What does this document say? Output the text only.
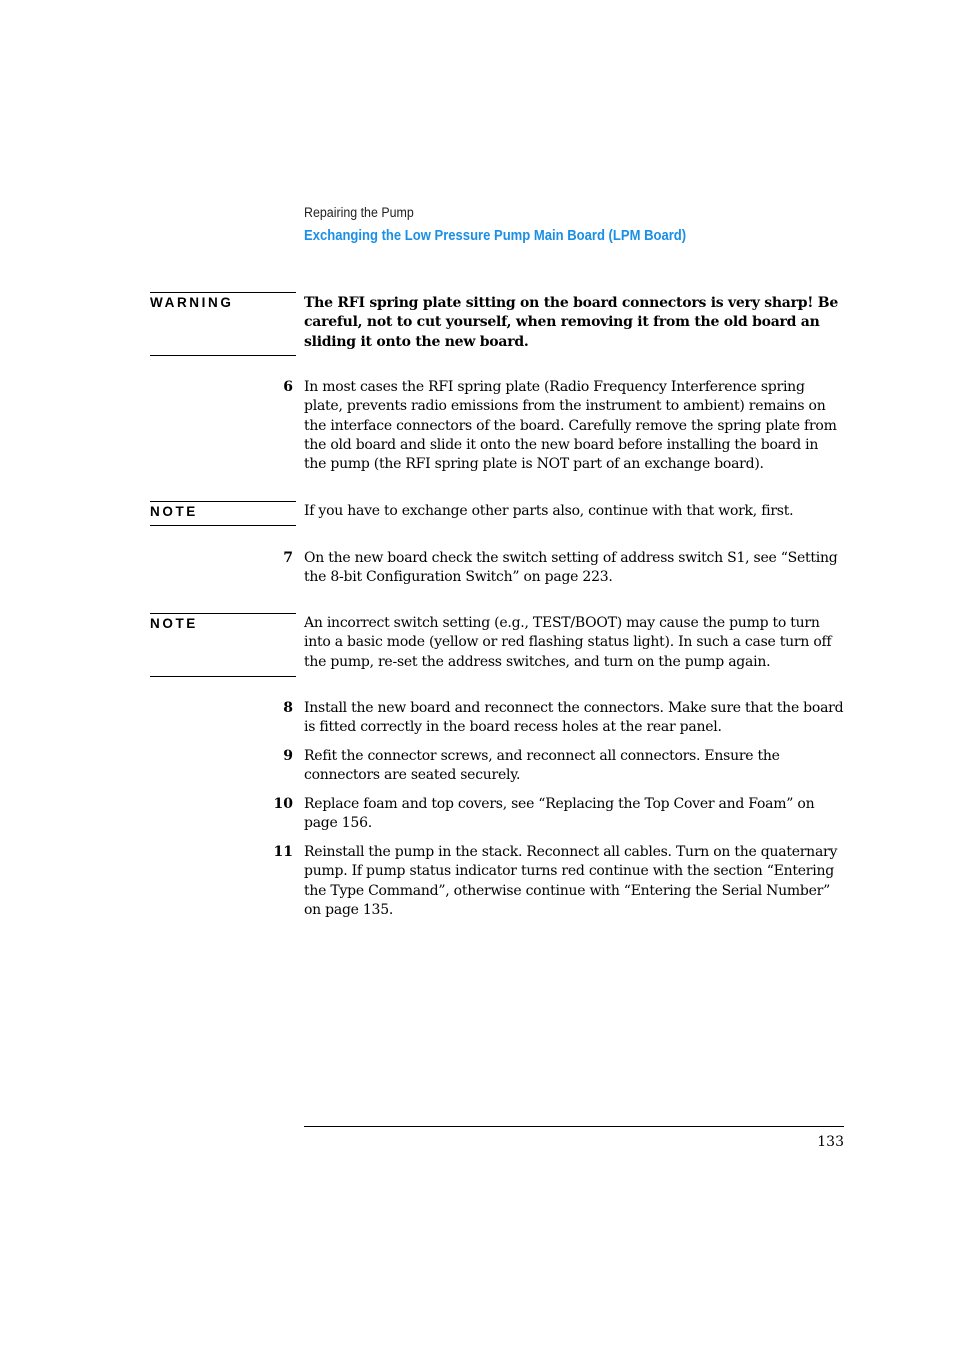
Repairing the Pump
Exchanging the Low Pressure Pump Main Board (LPM Board)
WARNING	The RFI spring plate sitting on the board connectors is very sharp! Be careful, not to cut yourself, when removing it from the old board an sliding it onto the new board.
6 In most cases the RFI spring plate (Radio Frequency Interference spring plate, prevents radio emissions from the instrument to ambient) remains on the interface connectors of the board. Carefully remove the spring plate from the old board and slide it onto the new board before installing the board in the pump (the RFI spring plate is NOT part of an exchange board).
NOTE	If you have to exchange other parts also, continue with that work, first.
7 On the new board check the switch setting of address switch S1, see “Setting the 8-bit Configuration Switch” on page 223.
NOTE	An incorrect switch setting (e.g., TEST/BOOT) may cause the pump to turn into a basic mode (yellow or red flashing status light). In such a case turn off the pump, re-set the address switches, and turn on the pump again.
8 Install the new board and reconnect the connectors. Make sure that the board is fitted correctly in the board recess holes at the rear panel.
9 Refit the connector screws, and reconnect all connectors. Ensure the connectors are seated securely.
10 Replace foam and top covers, see “Replacing the Top Cover and Foam” on page 156.
11 Reinstall the pump in the stack. Reconnect all cables. Turn on the quaternary pump. If pump status indicator turns red continue with the section “Entering the Type Command”, otherwise continue with “Entering the Serial Number” on page 135.
133
